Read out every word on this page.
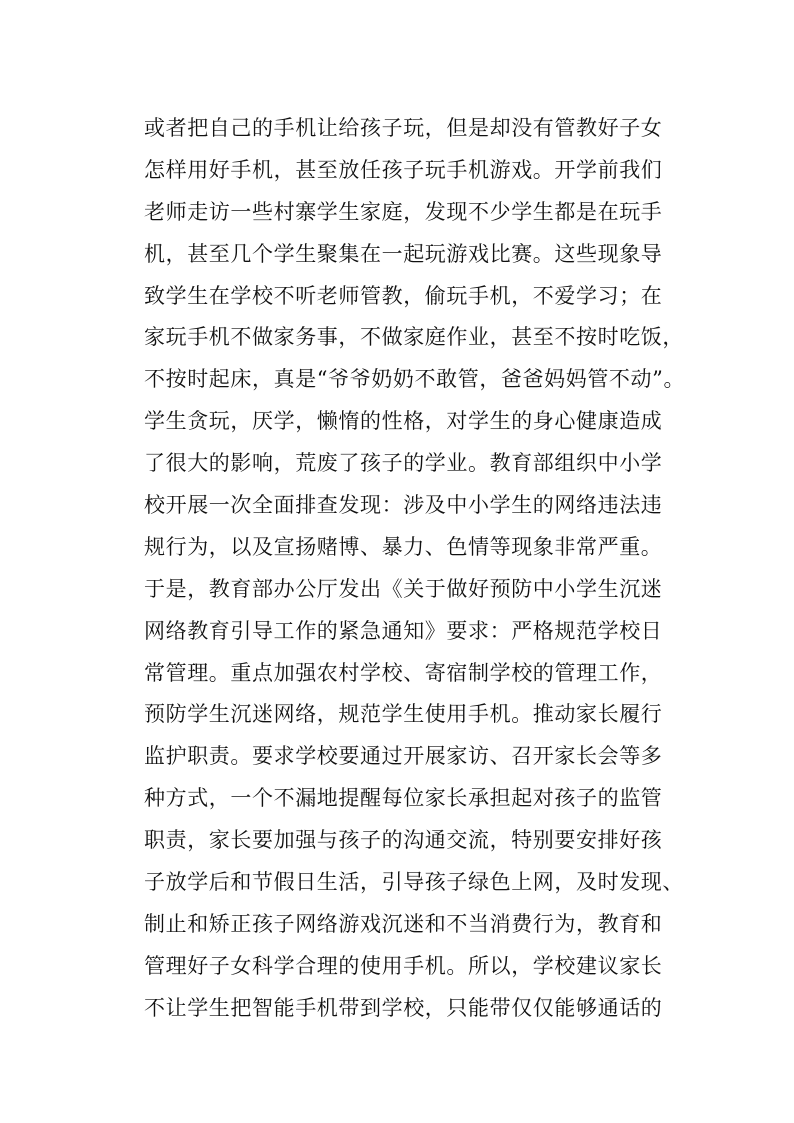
或者把自己的手机让给孩子玩，但是却没有管教好子女
怎样用好手机，甚至放任孩子玩手机游戏。开学前我们
老师走访一些村寨学生家庭，发现不少学生都是在玩手
机，甚至几个学生聚集在一起玩游戏比赛。这些现象导
致学生在学校不听老师管教，偷玩手机，不爱学习；在
家玩手机不做家务事，不做家庭作业，甚至不按时吃饭，
不按时起床，真是“爷爷奶奶不敢管，爸爸妈妈管不动”。
学生贪玩，厌学，懒惰的性格，对学生的身心健康造成
了很大的影响，荒废了孩子的学业。教育部组织中小学
校开展一次全面排查发现：涉及中小学生的网络违法违
规行为，以及宣扬赌博、暴力、色情等现象非常严重。
于是，教育部办公厅发出《关于做好预防中小学生沉迷
网络教育引导工作的紧急通知》要求：严格规范学校日
常管理。重点加强农村学校、寄宿制学校的管理工作，
预防学生沉迷网络，规范学生使用手机。推动家长履行
监护职责。要求学校要通过开展家访、召开家长会等多
种方式，一个不漏地提醒每位家长承担起对孩子的监管
职责，家长要加强与孩子的沟通交流，特别要安排好孩
子放学后和节假日生活，引导孩子绿色上网，及时发现、
制止和矫正孩子网络游戏沉迷和不当消费行为，教育和
管理好子女科学合理的使用手机。所以，学校建议家长
不让学生把智能手机带到学校，只能带仅仅能够通话的
